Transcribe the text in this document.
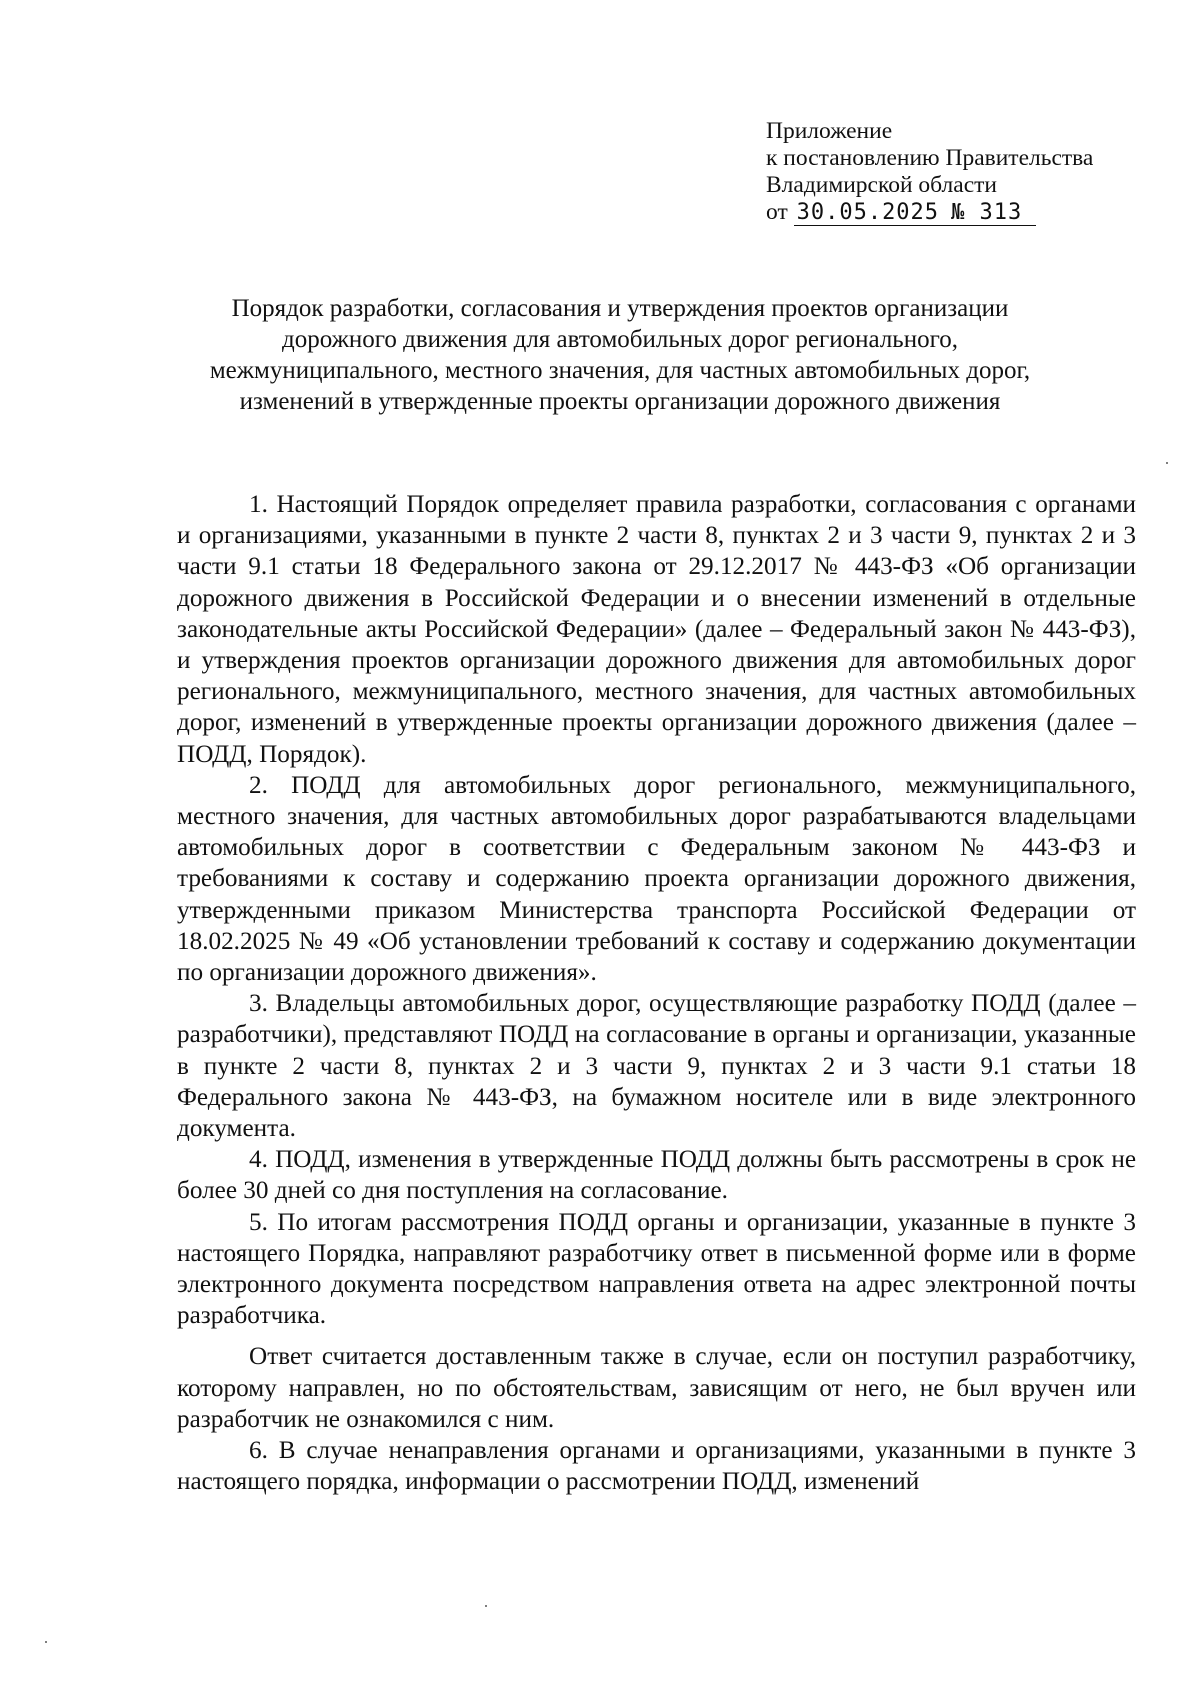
Приложение
к постановлению Правительства
Владимирской области
от 30.05.2025 № 313
Порядок разработки, согласования и утверждения проектов организации
дорожного движения для автомобильных дорог регионального,
межмуниципального, местного значения, для частных автомобильных дорог,
изменений в утвержденные проекты организации дорожного движения

1. Настоящий Порядок определяет правила разработки, согласования с органами и организациями, указанными в пункте 2 части 8, пунктах 2 и 3 части 9, пунктах 2 и 3 части 9.1 статьи 18 Федерального закона от 29.12.2017 № 443-ФЗ «Об организации дорожного движения в Российской Федерации и о внесении изменений в отдельные законодательные акты Российской Федерации» (далее – Федеральный закон № 443-ФЗ), и утверждения проектов организации дорожного движения для автомобильных дорог регионального, межмуниципального, местного значения, для частных автомобильных дорог, изменений в утвержденные проекты организации дорожного движения (далее – ПОДД, Порядок).

2. ПОДД для автомобильных дорог регионального, межмуниципального, местного значения, для частных автомобильных дорог разрабатываются владельцами автомобильных дорог в соответствии с Федеральным законом № 443-ФЗ и требованиями к составу и содержанию проекта организации дорожного движения, утвержденными приказом Министерства транспорта Российской Федерации от 18.02.2025 № 49 «Об установлении требований к составу и содержанию документации по организации дорожного движения».

3. Владельцы автомобильных дорог, осуществляющие разработку ПОДД (далее – разработчики), представляют ПОДД на согласование в органы и организации, указанные в пункте 2 части 8, пунктах 2 и 3 части 9, пунктах 2 и 3 части 9.1 статьи 18 Федерального закона № 443-ФЗ, на бумажном носителе или в виде электронного документа.

4. ПОДД, изменения в утвержденные ПОДД должны быть рассмотрены в срок не более 30 дней со дня поступления на согласование.

5. По итогам рассмотрения ПОДД органы и организации, указанные в пункте 3 настоящего Порядка, направляют разработчику ответ в письменной форме или в форме электронного документа посредством направления ответа на адрес электронной почты разработчика.

Ответ считается доставленным также в случае, если он поступил разработчику, которому направлен, но по обстоятельствам, зависящим от него, не был вручен или разработчик не ознакомился с ним.

6. В случае ненаправления органами и организациями, указанными в пункте 3 настоящего порядка, информации о рассмотрении ПОДД, изменений
